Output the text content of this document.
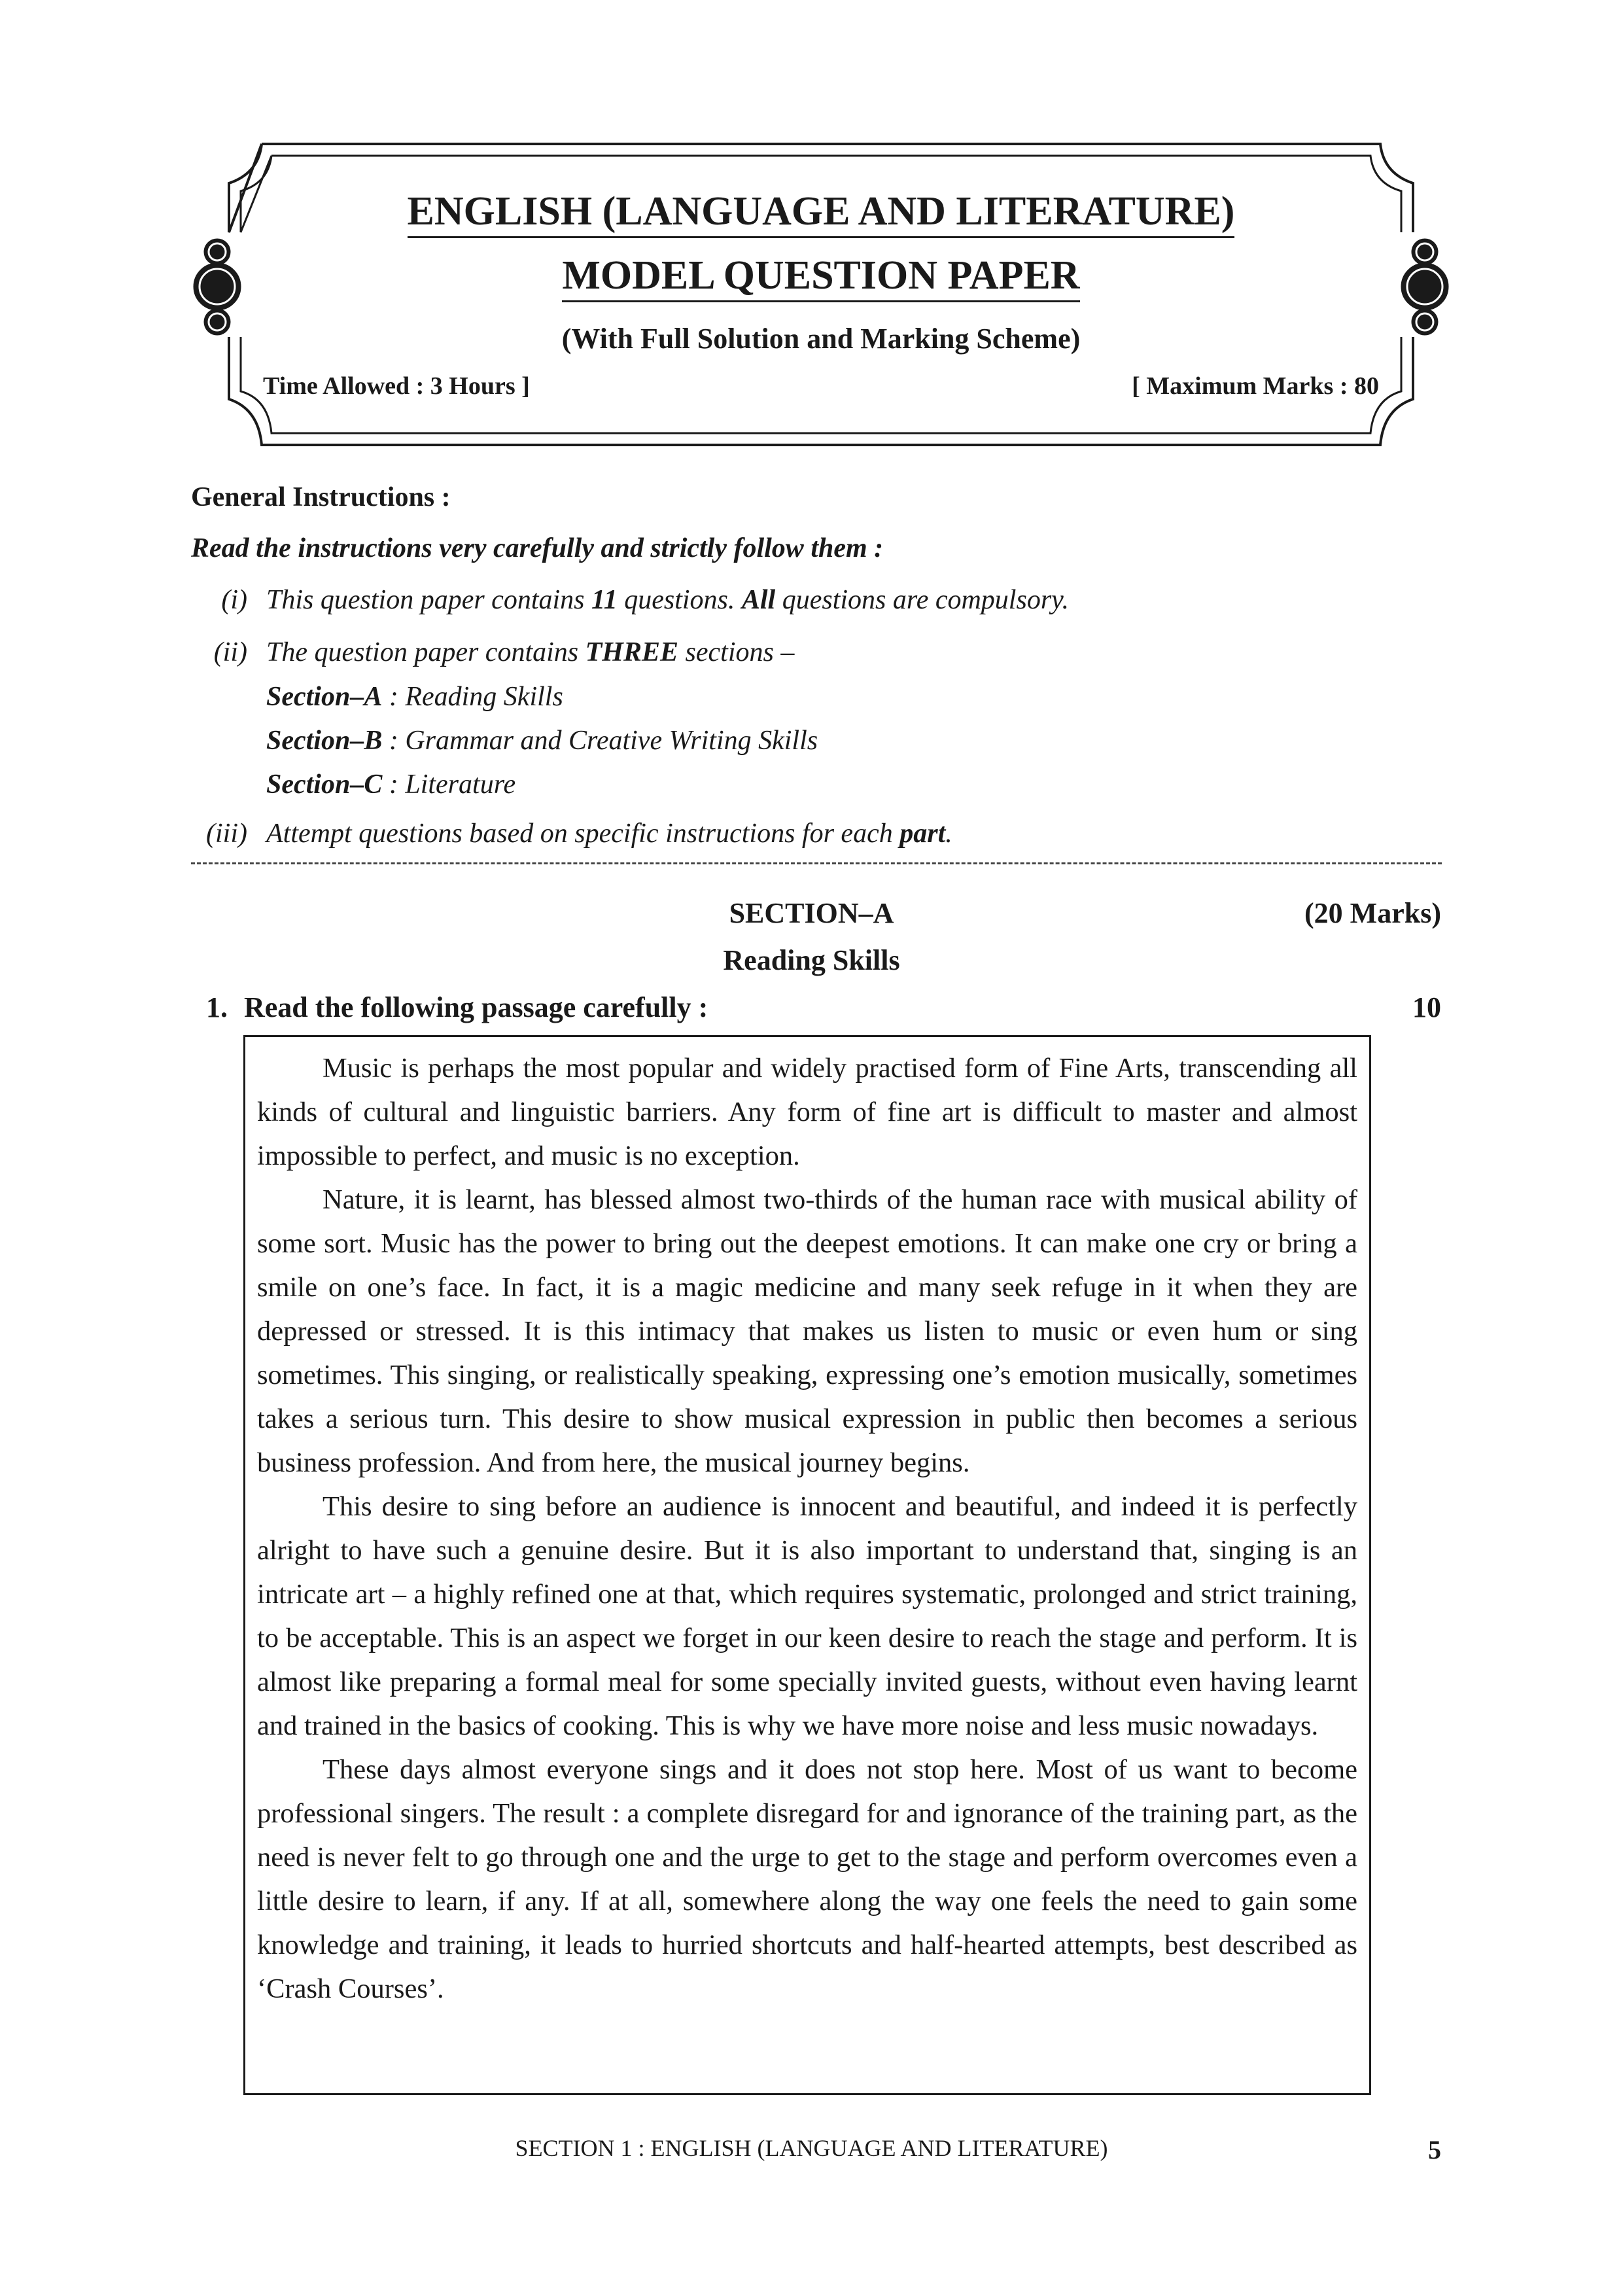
ENGLISH (LANGUAGE AND LITERATURE)
MODEL QUESTION PAPER
(With Full Solution and Marking Scheme)
Time Allowed : 3 Hours ]	[ Maximum Marks : 80
General Instructions :
Read the instructions very carefully and strictly follow them :
(i) This question paper contains 11 questions. All questions are compulsory.
(ii) The question paper contains THREE sections –
Section–A : Reading Skills
Section–B : Grammar and Creative Writing Skills
Section–C : Literature
(iii) Attempt questions based on specific instructions for each part.
SECTION–A	(20 Marks)
Reading Skills
1. Read the following passage carefully :	10

Music is perhaps the most popular and widely practised form of Fine Arts, transcending all kinds of cultural and linguistic barriers. Any form of fine art is difficult to master and almost impossible to perfect, and music is no exception.

Nature, it is learnt, has blessed almost two-thirds of the human race with musical ability of some sort. Music has the power to bring out the deepest emotions. It can make one cry or bring a smile on one’s face. In fact, it is a magic medicine and many seek refuge in it when they are depressed or stressed. It is this intimacy that makes us listen to music or even hum or sing sometimes. This singing, or realistically speaking, expressing one’s emotion musically, sometimes takes a serious turn. This desire to show musical expression in public then becomes a serious business profession. And from here, the musical journey begins.

This desire to sing before an audience is innocent and beautiful, and indeed it is perfectly alright to have such a genuine desire. But it is also important to understand that, singing is an intricate art – a highly refined one at that, which requires systematic, prolonged and strict training, to be acceptable. This is an aspect we forget in our keen desire to reach the stage and perform. It is almost like preparing a formal meal for some specially invited guests, without even having learnt and trained in the basics of cooking. This is why we have more noise and less music nowadays.

These days almost everyone sings and it does not stop here. Most of us want to become professional singers. The result : a complete disregard for and ignorance of the training part, as the need is never felt to go through one and the urge to get to the stage and perform overcomes even a little desire to learn, if any. If at all, somewhere along the way one feels the need to gain some knowledge and training, it leads to hurried shortcuts and half-hearted attempts, best described as ‘Crash Courses’.

SECTION 1 : ENGLISH (LANGUAGE AND LITERATURE)	5
